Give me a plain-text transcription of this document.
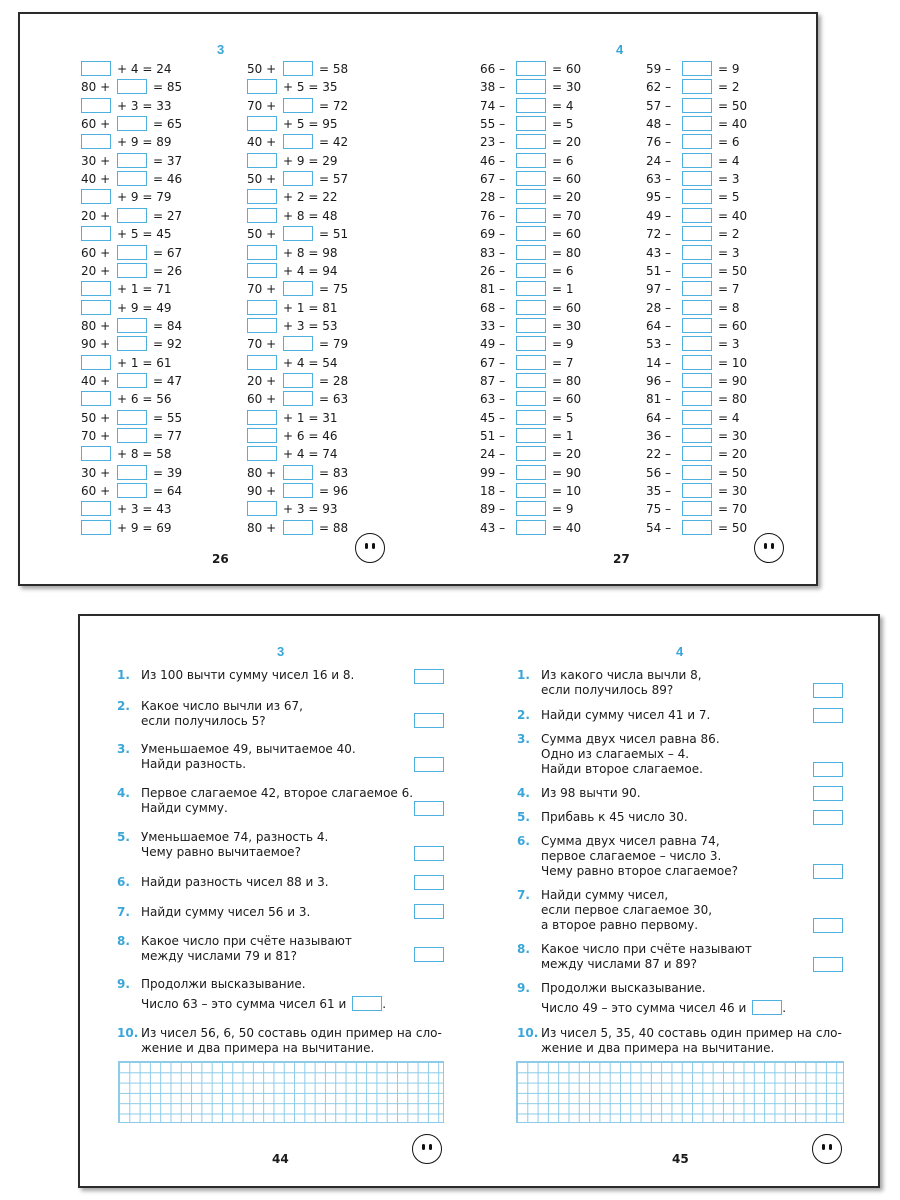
3
+ 4 = 24
80 +	= 85
+ 3 = 33
60 +	= 65
+ 9 = 89
30 +	= 37
40 +	= 46
+ 9 = 79
20 +	= 27
+ 5 = 45
60 +	= 67
20 +	= 26
+ 1 = 71
+ 9 = 49
80 +	= 84
90 +	= 92
+ 1 = 61
40 +	= 47
+ 6 = 56
50 +	= 55
70 +	= 77
+ 8 = 58
30 +	= 39
60 +	= 64
+ 3 = 43
+ 9 = 69
50 +	= 58
+ 5 = 35
70 +	= 72
+ 5 = 95
40 +	= 42
+ 9 = 29
50 +	= 57
+ 2 = 22
+ 8 = 48
50 +	= 51
+ 8 = 98
+ 4 = 94
70 +	= 75
+ 1 = 81
+ 3 = 53
70 +	= 79
+ 4 = 54
20 +	= 28
60 +	= 63
+ 1 = 31
+ 6 = 46
+ 4 = 74
80 +	= 83
90 +	= 96
+ 3 = 93
80 +	= 88
26
4
66 –	= 60
38 –	= 30
74 –	= 4
55 –	= 5
23 –	= 20
46 –	= 6
67 –	= 60
28 –	= 20
76 –	= 70
69 –	= 60
83 –	= 80
26 –	= 6
81 –	= 1
68 –	= 60
33 –	= 30
49 –	= 9
67 –	= 7
87 –	= 80
63 –	= 60
45 –	= 5
51 –	= 1
24 –	= 20
99 –	= 90
18 –	= 10
89 –	= 9
43 –	= 40
59 –	= 9
62 –	= 2
57 –	= 50
48 –	= 40
76 –	= 6
24 –	= 4
63 –	= 3
95 –	= 5
49 –	= 40
72 –	= 2
43 –	= 3
51 –	= 50
97 –	= 7
28 –	= 8
64 –	= 60
53 –	= 3
14 –	= 10
96 –	= 90
81 –	= 80
64 –	= 4
36 –	= 30
22 –	= 20
56 –	= 50
35 –	= 30
75 –	= 70
54 –	= 50
27
3
1. Из 100 вычти сумму чисел 16 и 8.
2. Какое число вычли из 67,
если получилось 5?
3. Уменьшаемое 49, вычитаемое 40.
Найди разность.
4. Первое слагаемое 42, второе слагаемое 6.
Найди сумму.
5. Уменьшаемое 74, разность 4.
Чему равно вычитаемое?
6. Найди разность чисел 88 и 3.
7. Найди сумму чисел 56 и 3.
8. Какое число при счёте называют
между числами 79 и 81?
9. Продолжи высказывание.
Число 63 – это сумма чисел 61 и	.
10. Из чисел 56, 6, 50 составь один пример на сло-
жение и два примера на вычитание.
44
4
1. Из какого числа вычли 8,
если получилось 89?
2. Найди сумму чисел 41 и 7.
3. Сумма двух чисел равна 86.
Одно из слагаемых – 4.
Найди второе слагаемое.
4. Из 98 вычти 90.
5. Прибавь к 45 число 30.
6. Сумма двух чисел равна 74,
первое слагаемое – число 3.
Чему равно второе слагаемое?
7. Найди сумму чисел,
если первое слагаемое 30,
а второе равно первому.
8. Какое число при счёте называют
между числами 87 и 89?
9. Продолжи высказывание.
Число 49 – это сумма чисел 46 и	.
10. Из чисел 5, 35, 40 составь один пример на сло-
жение и два примера на вычитание.
45
